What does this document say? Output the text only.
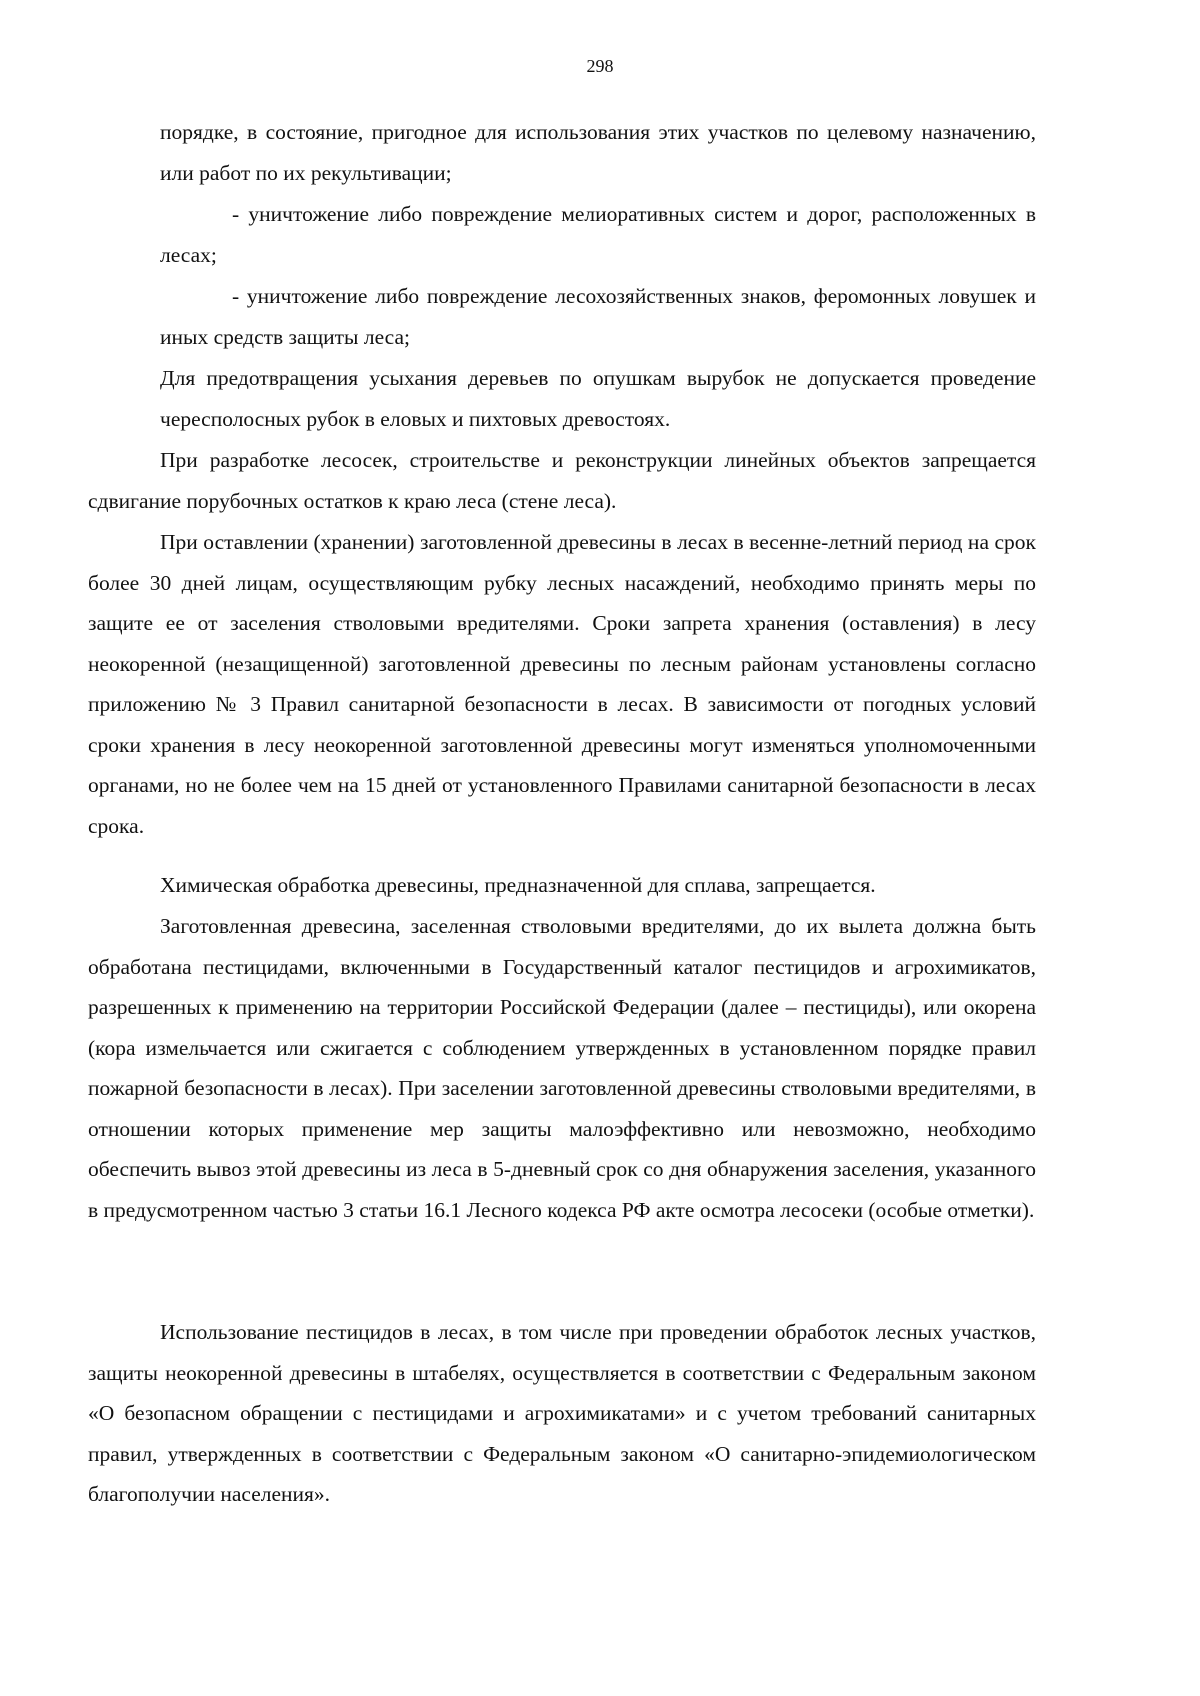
298

порядке, в состояние, пригодное для использования этих участков по целевому назначению, или работ по их рекультивации;

- уничтожение либо повреждение мелиоративных систем и дорог, расположенных в лесах;

- уничтожение либо повреждение лесохозяйственных знаков, феромонных ловушек и иных средств защиты леса;

Для предотвращения усыхания деревьев по опушкам вырубок не допускается проведение чересполосных рубок в еловых и пихтовых древостоях.

При разработке лесосек, строительстве и реконструкции линейных объектов запрещается сдвигание порубочных остатков к краю леса (стене леса).

При оставлении (хранении) заготовленной древесины в лесах в весенне-летний период на срок более 30 дней лицам, осуществляющим рубку лесных насаждений, необходимо принять меры по защите ее от заселения стволовыми вредителями. Сроки запрета хранения (оставления) в лесу неокоренной (незащищенной) заготовленной древесины по лесным районам установлены согласно приложению № 3 Правил санитарной безопасности в лесах. В зависимости от погодных условий сроки хранения в лесу неокоренной заготовленной древесины могут изменяться уполномоченными органами, но не более чем на 15 дней от установленного Правилами санитарной безопасности в лесах срока.

Химическая обработка древесины, предназначенной для сплава, запрещается.

Заготовленная древесина, заселенная стволовыми вредителями, до их вылета должна быть обработана пестицидами, включенными в Государственный каталог пестицидов и агрохимикатов, разрешенных к применению на территории Российской Федерации (далее – пестициды), или окорена (кора измельчается или сжигается с соблюдением утвержденных в установленном порядке правил пожарной безопасности в лесах). При заселении заготовленной древесины стволовыми вредителями, в отношении которых применение мер защиты малоэффективно или невозможно, необходимо обеспечить вывоз этой древесины из леса в 5-дневный срок со дня обнаружения заселения, указанного в предусмотренном частью 3 статьи 16.1 Лесного кодекса РФ акте осмотра лесосеки (особые отметки).

Использование пестицидов в лесах, в том числе при проведении обработок лесных участков, защиты неокоренной древесины в штабелях, осуществляется в соответствии с Федеральным законом «О безопасном обращении с пестицидами и агрохимикатами» и с учетом требований санитарных правил, утвержденных в соответствии с Федеральным законом «О санитарно-эпидемиологическом благополучии населения».
